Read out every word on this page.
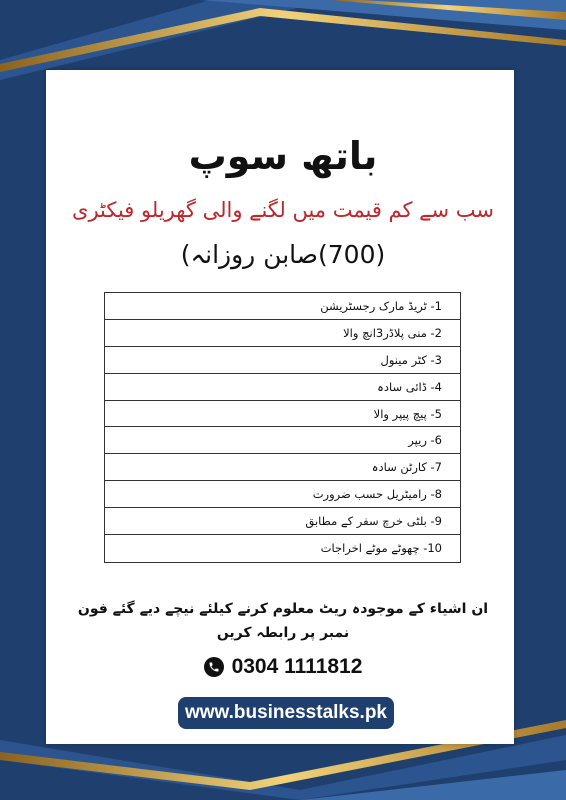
باتھ سوپ
سب سے کم قیمت میں لگنے والی گھریلو فیکٹری
(700)صابن روزانہ)
1- ٹریڈ مارک رجسٹریشن
2- منی پلاڈر3انچ والا
3- کٹر مینول
4- ڈائی سادہ
5- پیچ پیپر والا
6- ریپر
7- کارٹن سادہ
8- رامیٹریل حسب ضرورت
9- بلٹی خرچ سفر کے مطابق
10- چھوٹے موٹے اخراجات
ان اشیاء کے موجودہ ریٹ معلوم کرنے کیلئے نیچے دیے گئے فون نمبر پر رابطہ کریں
0304 1111812
www.businesstalks.pk
